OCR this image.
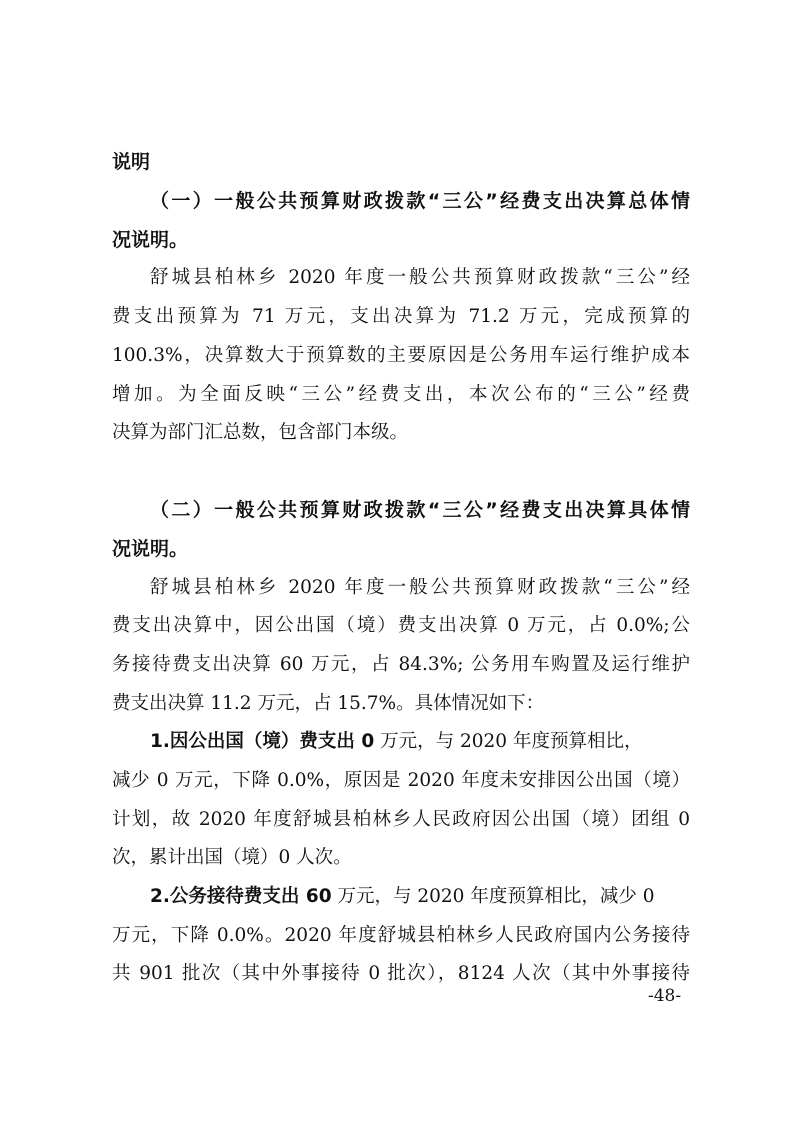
说明
（一）一般公共预算财政拨款“三公”经费支出决算总体情
况说明。
舒城县柏林乡 2020 年度一般公共预算财政拨款“三公”经
费支出预算为 71 万元，支出决算为 71.2 万元，完成预算的
100.3%，决算数大于预算数的主要原因是公务用车运行维护成本
增加。为全面反映“三公”经费支出，本次公布的“三公”经费
决算为部门汇总数，包含部门本级。
（二）一般公共预算财政拨款“三公”经费支出决算具体情
况说明。
舒城县柏林乡 2020 年度一般公共预算财政拨款“三公”经
费支出决算中，因公出国（境）费支出决算 0 万元，占 0.0%;公
务接待费支出决算 60 万元，占 84.3%; 公务用车购置及运行维护
费支出决算 11.2 万元，占 15.7%。具体情况如下：
1.因公出国（境）费支出 0 万元，与 2020 年度预算相比，
减少 0 万元，下降 0.0%，原因是 2020 年度未安排因公出国（境）
计划，故 2020 年度舒城县柏林乡人民政府因公出国（境）团组 0
次，累计出国（境）0 人次。
2.公务接待费支出 60 万元，与 2020 年度预算相比，减少 0
万元，下降 0.0%。2020 年度舒城县柏林乡人民政府国内公务接待
共 901 批次（其中外事接待 0 批次），8124 人次（其中外事接待
-48-
